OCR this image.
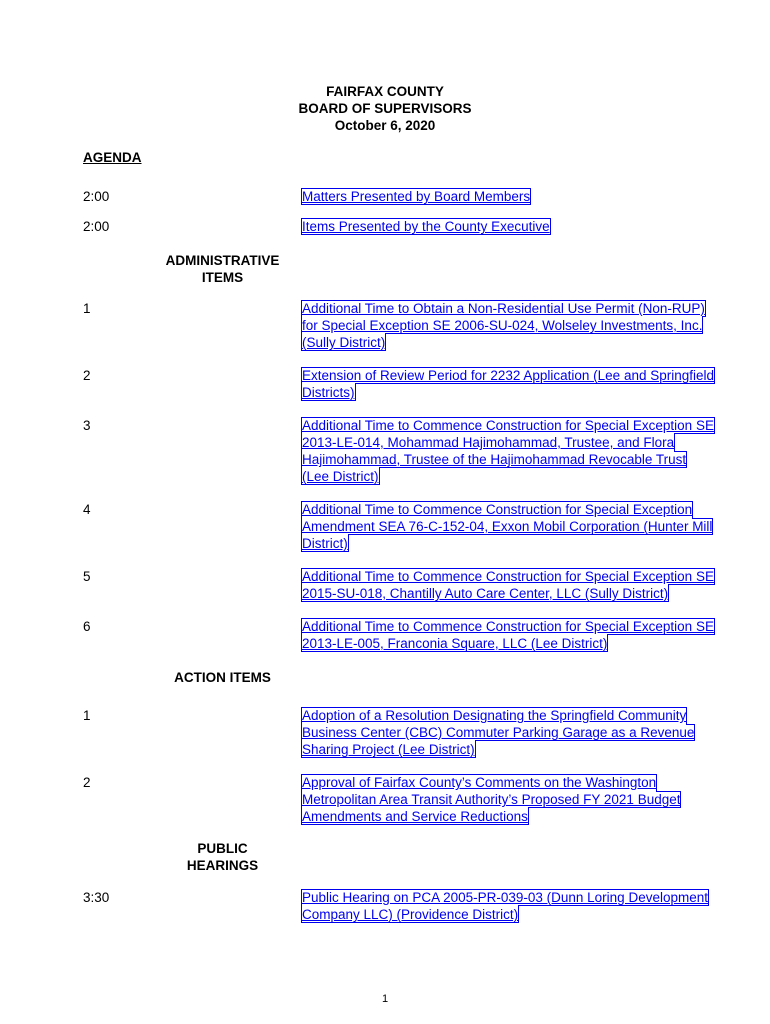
FAIRFAX COUNTY
BOARD OF SUPERVISORS
October 6, 2020
AGENDA
2:00	Matters Presented by Board Members
2:00	Items Presented by the County Executive
ADMINISTRATIVE
ITEMS
1	Additional Time to Obtain a Non-Residential Use Permit (Non-RUP) for Special Exception SE 2006-SU-024, Wolseley Investments, Inc. (Sully District)
2	Extension of Review Period for 2232 Application (Lee and Springfield Districts)
3	Additional Time to Commence Construction for Special Exception SE 2013-LE-014, Mohammad Hajimohammad, Trustee, and Flora Hajimohammad, Trustee of the Hajimohammad Revocable Trust (Lee District)
4	Additional Time to Commence Construction for Special Exception Amendment SEA 76-C-152-04, Exxon Mobil Corporation (Hunter Mill District)
5	Additional Time to Commence Construction for Special Exception SE 2015-SU-018, Chantilly Auto Care Center, LLC (Sully District)
6	Additional Time to Commence Construction for Special Exception SE 2013-LE-005, Franconia Square, LLC (Lee District)
ACTION ITEMS
1	Adoption of a Resolution Designating the Springfield Community Business Center (CBC) Commuter Parking Garage as a Revenue Sharing Project (Lee District)
2	Approval of Fairfax County’s Comments on the Washington Metropolitan Area Transit Authority’s Proposed FY 2021 Budget Amendments and Service Reductions
PUBLIC
HEARINGS
3:30	Public Hearing on PCA 2005-PR-039-03 (Dunn Loring Development Company LLC) (Providence District)
1
